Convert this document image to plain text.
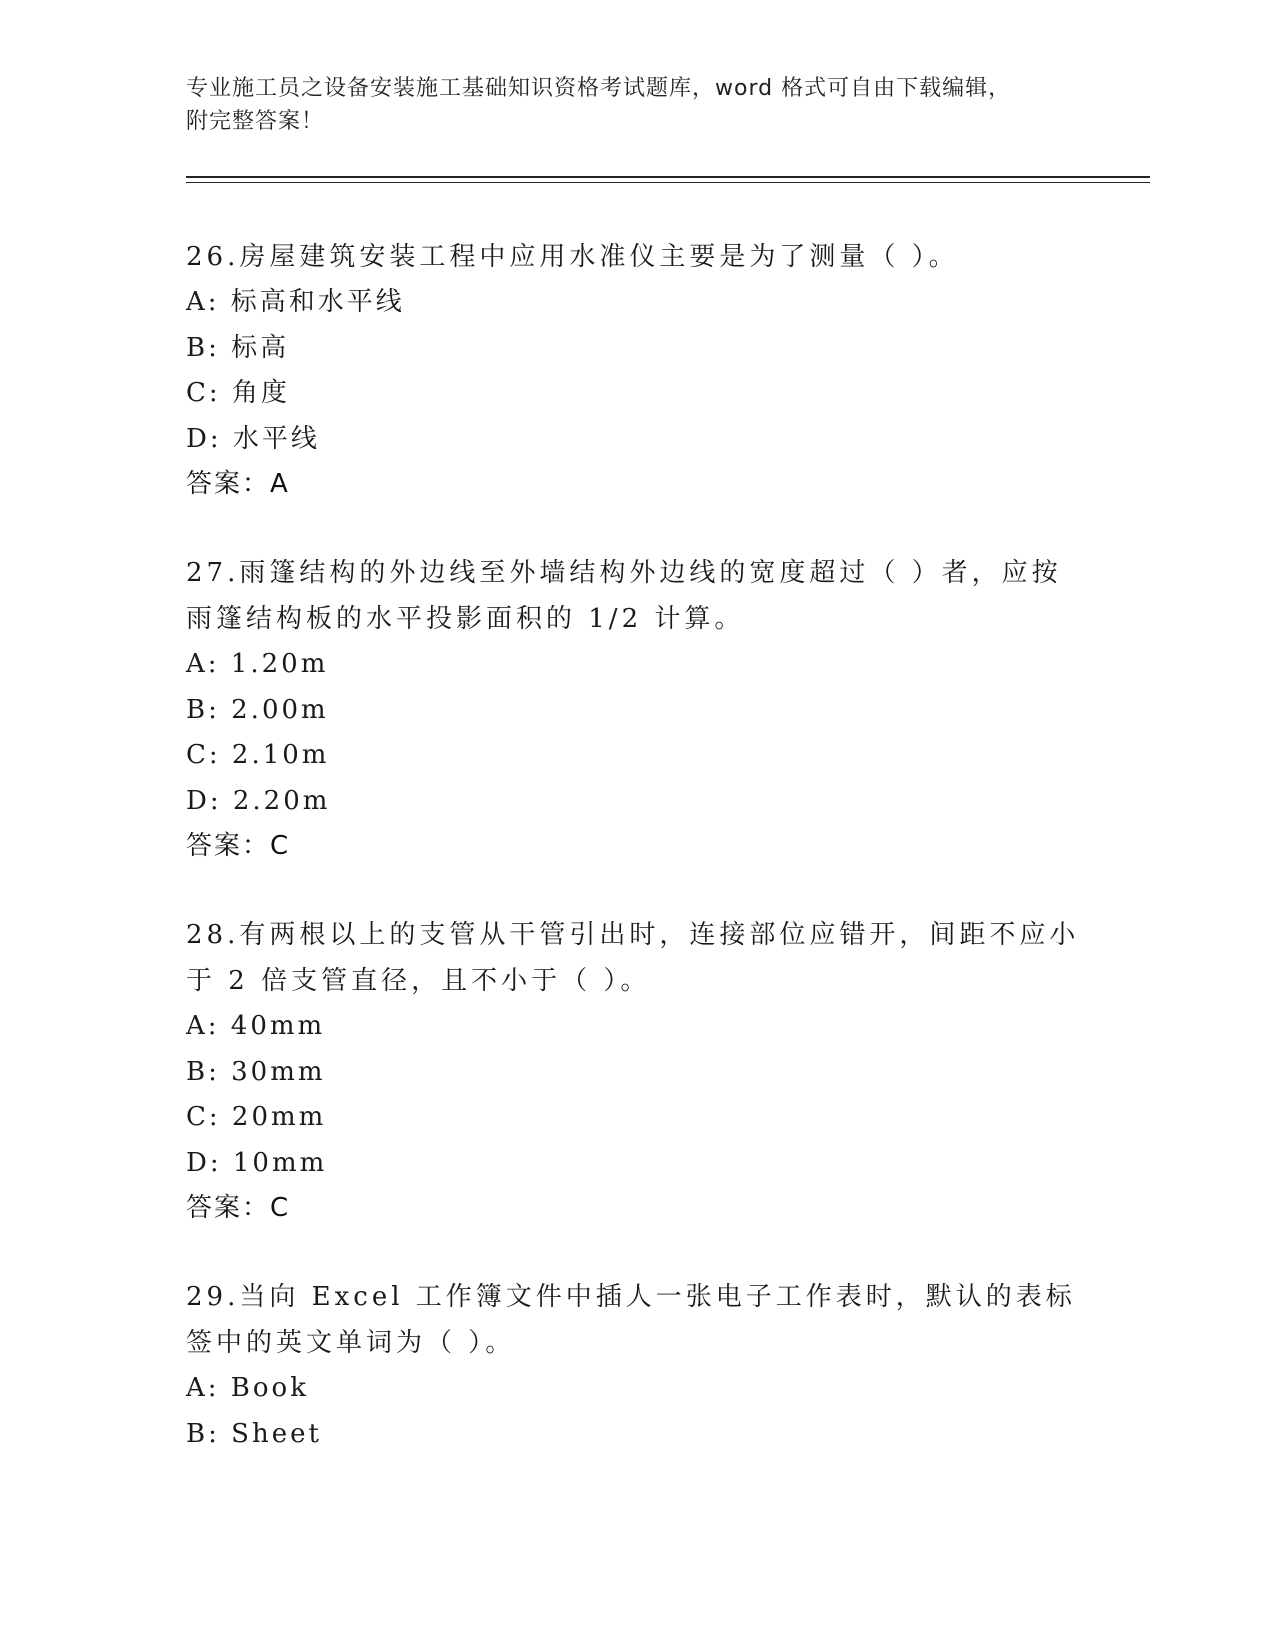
专业施工员之设备安装施工基础知识资格考试题库，word 格式可自由下载编辑，
附完整答案！

26.房屋建筑安装工程中应用水准仪主要是为了测量（ ）。

A: 标高和水平线

B: 标高

C: 角度

D: 水平线

答案：A

27.雨篷结构的外边线至外墙结构外边线的宽度超过（ ）者，应按雨篷结构板的水平投影面积的 1/2 计算。

A: 1.20m

B: 2.00m

C: 2.10m

D: 2.20m

答案：C

28.有两根以上的支管从干管引出时，连接部位应错开，间距不应小于 2 倍支管直径，且不小于（ ）。

A: 40mm

B: 30mm

C: 20mm

D: 10mm

答案：C

29.当向 Excel 工作簿文件中插人一张电子工作表时，默认的表标签中的英文单词为（ ）。

A: Book

B: Sheet
